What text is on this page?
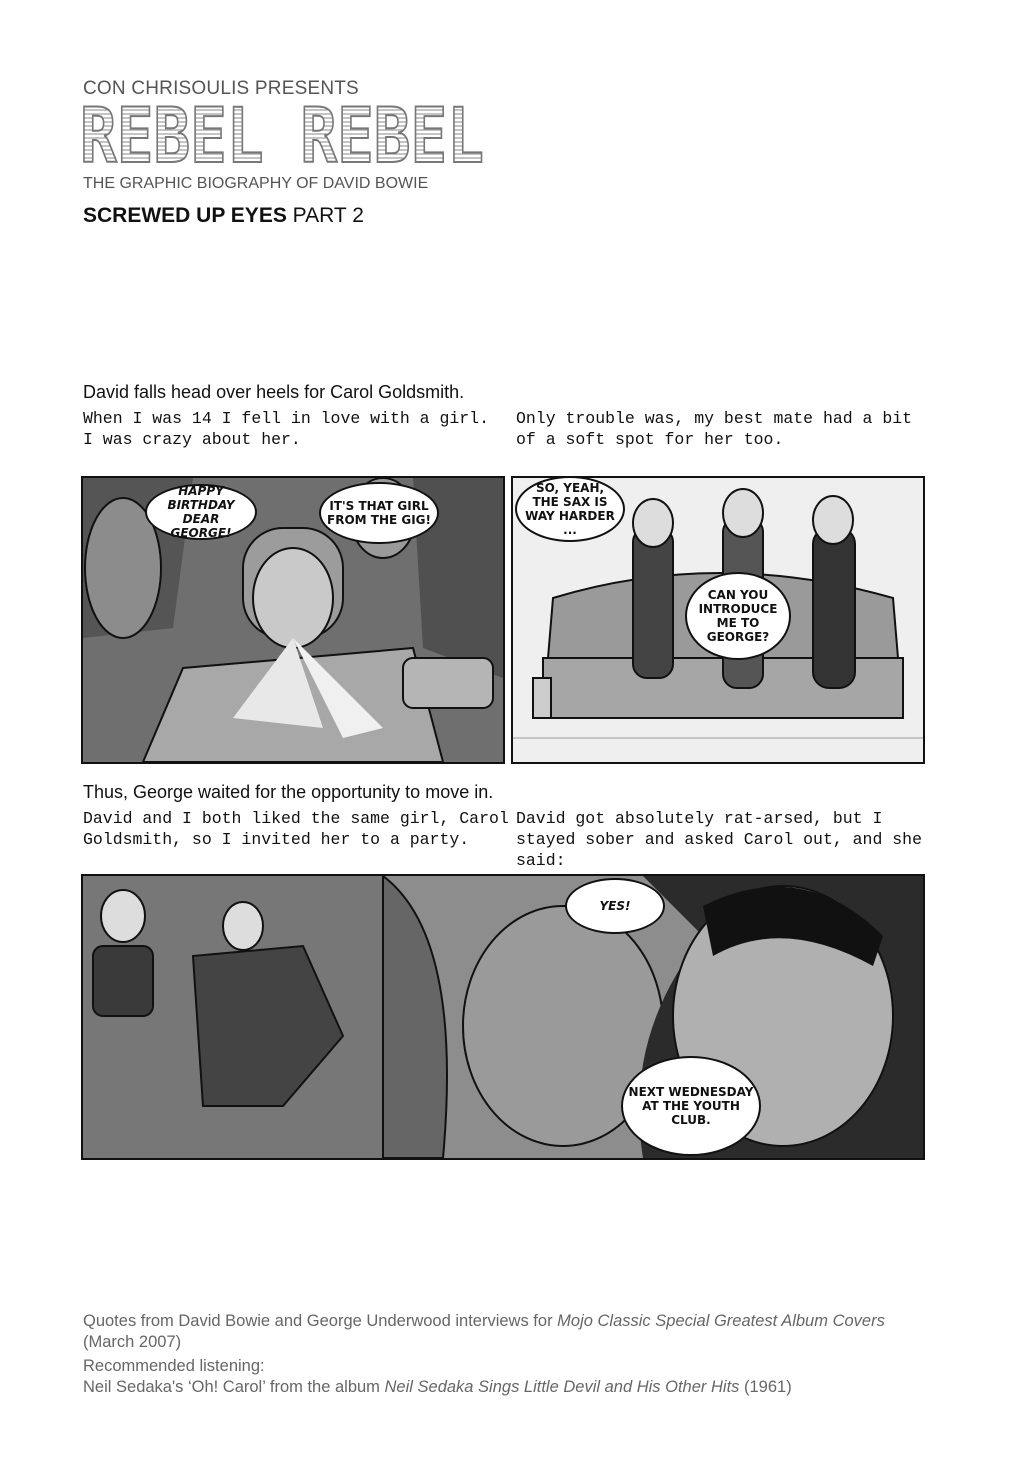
CON CHRISOULIS PRESENTS
REBEL REBEL
THE GRAPHIC BIOGRAPHY OF DAVID BOWIE
SCREWED UP EYES PART 2
David falls head over heels for Carol Goldsmith.
When I was 14 I fell in love with a girl. I was crazy about her.
Only trouble was, my best mate had a bit of a soft spot for her too.
HAPPY BIRTHDAY DEAR GEORGE!
IT'S THAT GIRL FROM THE GIG!
SO, YEAH, THE SAX IS WAY HARDER ...
CAN YOU INTRODUCE ME TO GEORGE?
Thus, George waited for the opportunity to move in.
David and I both liked the same girl, Carol Goldsmith, so I invited her to a party.
David got absolutely rat-arsed, but I stayed sober and asked Carol out, and she said:
YES!
NEXT WEDNESDAY AT THE YOUTH CLUB.
Quotes from David Bowie and George Underwood interviews for Mojo Classic Special Greatest Album Covers (March 2007)
Recommended listening:
Neil Sedaka's ‘Oh! Carol’ from the album Neil Sedaka Sings Little Devil and His Other Hits (1961)
